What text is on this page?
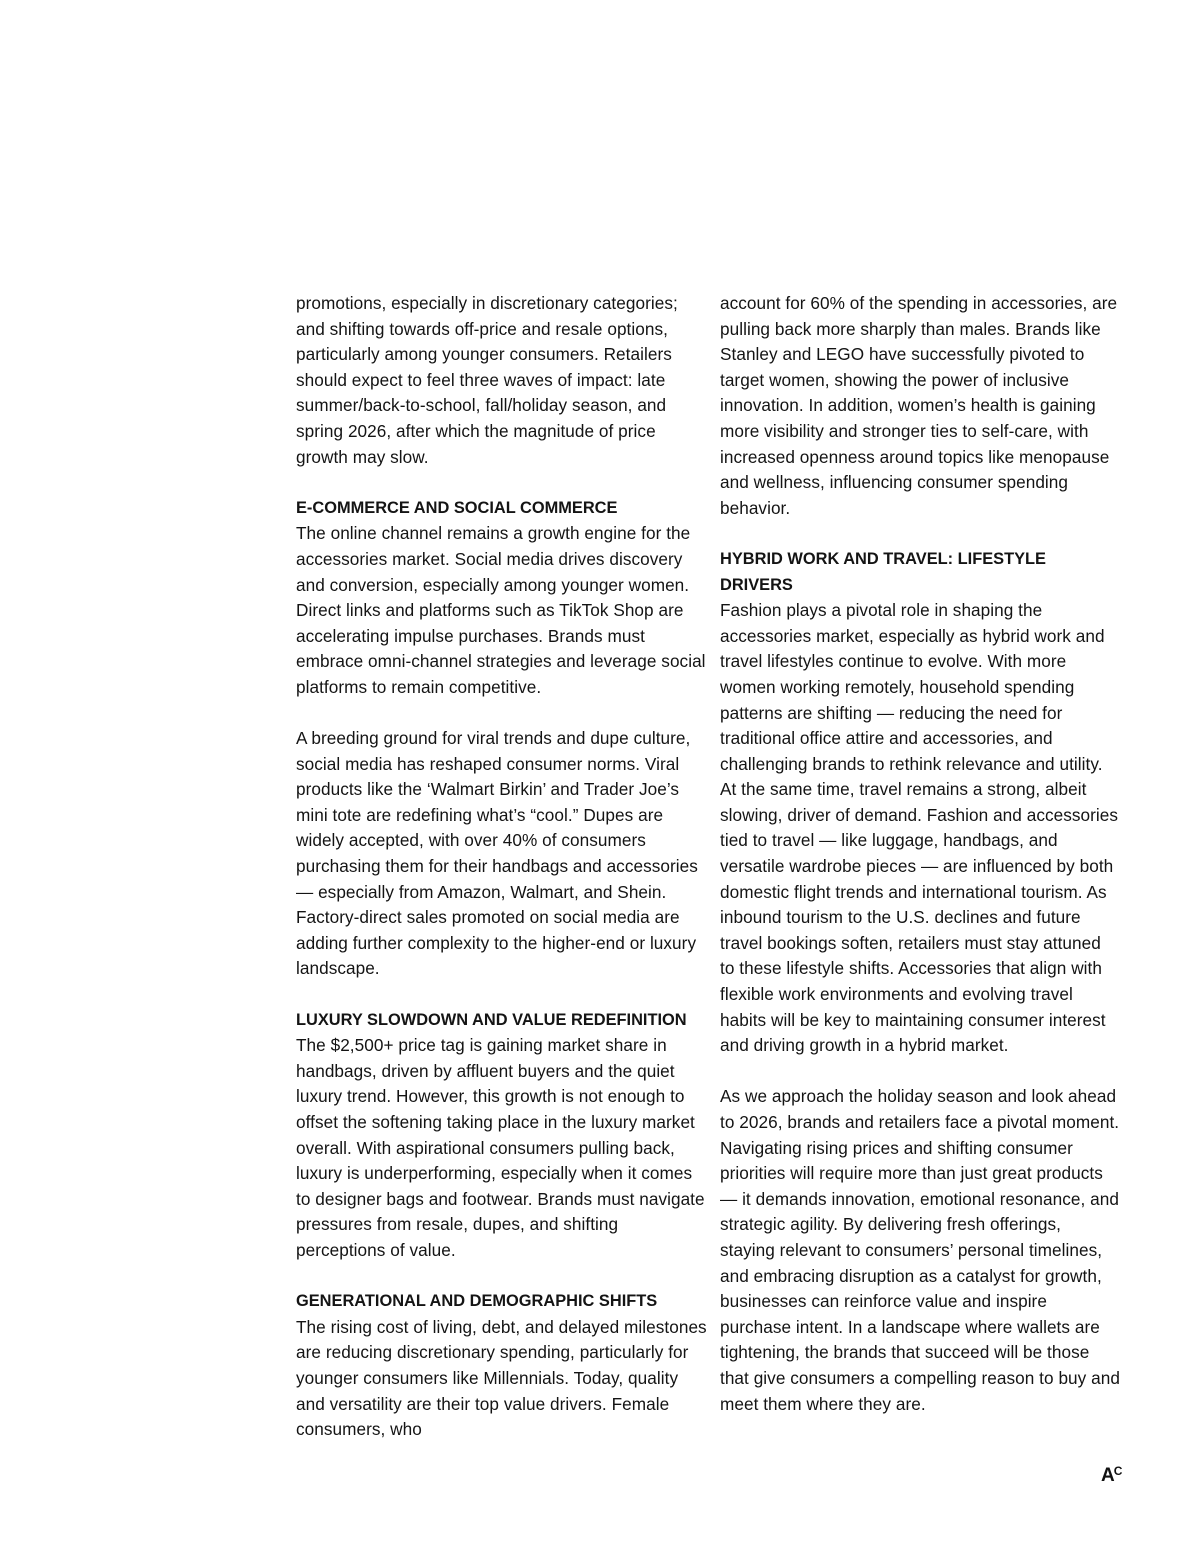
promotions, especially in discretionary categories; and shifting towards off-price and resale options, particularly among younger consumers. Retailers should expect to feel three waves of impact: late summer/back-to-school, fall/holiday season, and spring 2026, after which the magnitude of price growth may slow.

E-COMMERCE AND SOCIAL COMMERCE

The online channel remains a growth engine for the accessories market. Social media drives discovery and conversion, especially among younger women. Direct links and platforms such as TikTok Shop are accelerating impulse purchases. Brands must embrace omni-channel strategies and leverage social platforms to remain competitive.

A breeding ground for viral trends and dupe culture, social media has reshaped consumer norms. Viral products like the ‘Walmart Birkin’ and Trader Joe’s mini tote are redefining what’s “cool.” Dupes are widely accepted, with over 40% of consumers purchasing them for their handbags and accessories — especially from Amazon, Walmart, and Shein. Factory-direct sales promoted on social media are adding further complexity to the higher-end or luxury landscape.

LUXURY SLOWDOWN AND VALUE REDEFINITION

The $2,500+ price tag is gaining market share in handbags, driven by affluent buyers and the quiet luxury trend. However, this growth is not enough to offset the softening taking place in the luxury market overall. With aspirational consumers pulling back, luxury is underperforming, especially when it comes to designer bags and footwear. Brands must navigate pressures from resale, dupes, and shifting perceptions of value.

GENERATIONAL AND DEMOGRAPHIC SHIFTS

The rising cost of living, debt, and delayed milestones are reducing discretionary spending, particularly for younger consumers like Millennials. Today, quality and versatility are their top value drivers. Female consumers, who

account for 60% of the spending in accessories, are pulling back more sharply than males. Brands like Stanley and LEGO have successfully pivoted to target women, showing the power of inclusive innovation. In addition, women’s health is gaining more visibility and stronger ties to self-care, with increased openness around topics like menopause and wellness, influencing consumer spending behavior.

HYBRID WORK AND TRAVEL: LIFESTYLE DRIVERS

Fashion plays a pivotal role in shaping the accessories market, especially as hybrid work and travel lifestyles continue to evolve. With more women working remotely, household spending patterns are shifting — reducing the need for traditional office attire and accessories, and challenging brands to rethink relevance and utility. At the same time, travel remains a strong, albeit slowing, driver of demand. Fashion and accessories tied to travel — like luggage, handbags, and versatile wardrobe pieces — are influenced by both domestic flight trends and international tourism. As inbound tourism to the U.S. declines and future travel bookings soften, retailers must stay attuned to these lifestyle shifts. Accessories that align with flexible work environments and evolving travel habits will be key to maintaining consumer interest and driving growth in a hybrid market.

As we approach the holiday season and look ahead to 2026, brands and retailers face a pivotal moment. Navigating rising prices and shifting consumer priorities will require more than just great products — it demands innovation, emotional resonance, and strategic agility. By delivering fresh offerings, staying relevant to consumers’ personal timelines, and embracing disruption as a catalyst for growth, businesses can reinforce value and inspire purchase intent. In a landscape where wallets are tightening, the brands that succeed will be those that give consumers a compelling reason to buy and meet them where they are.

$A^C$
